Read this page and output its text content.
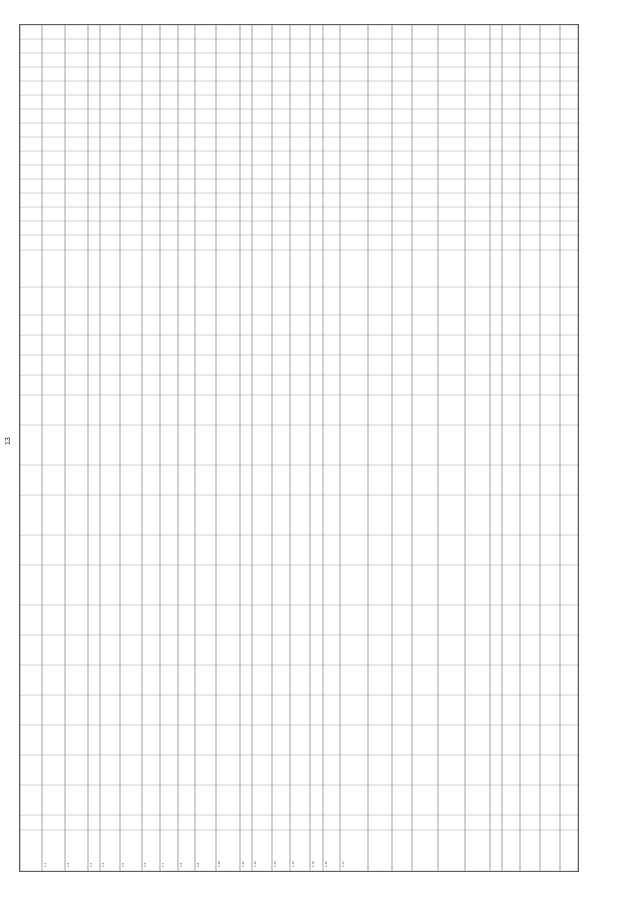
13
1.1	1.2	1.3	1.4	1.5	1.6	1.7	1.8	1.9	1.10	1.11	1.12	1.13	1.14	1.15	1.16	1.17
